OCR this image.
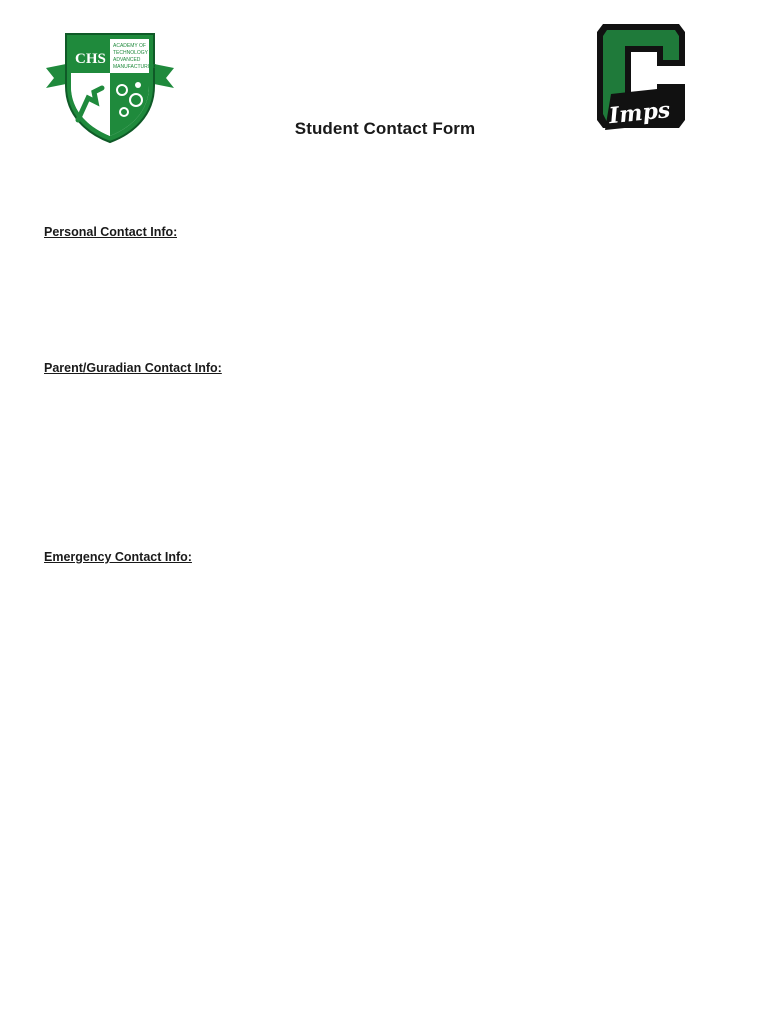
CHS
ACADEMY OF
TECHNOLOGY &
ADVANCED
MANUFACTURING
Imps
Student Contact Form

Personal Contact Info:

Parent/Guradian Contact Info:

Emergency Contact Info:
